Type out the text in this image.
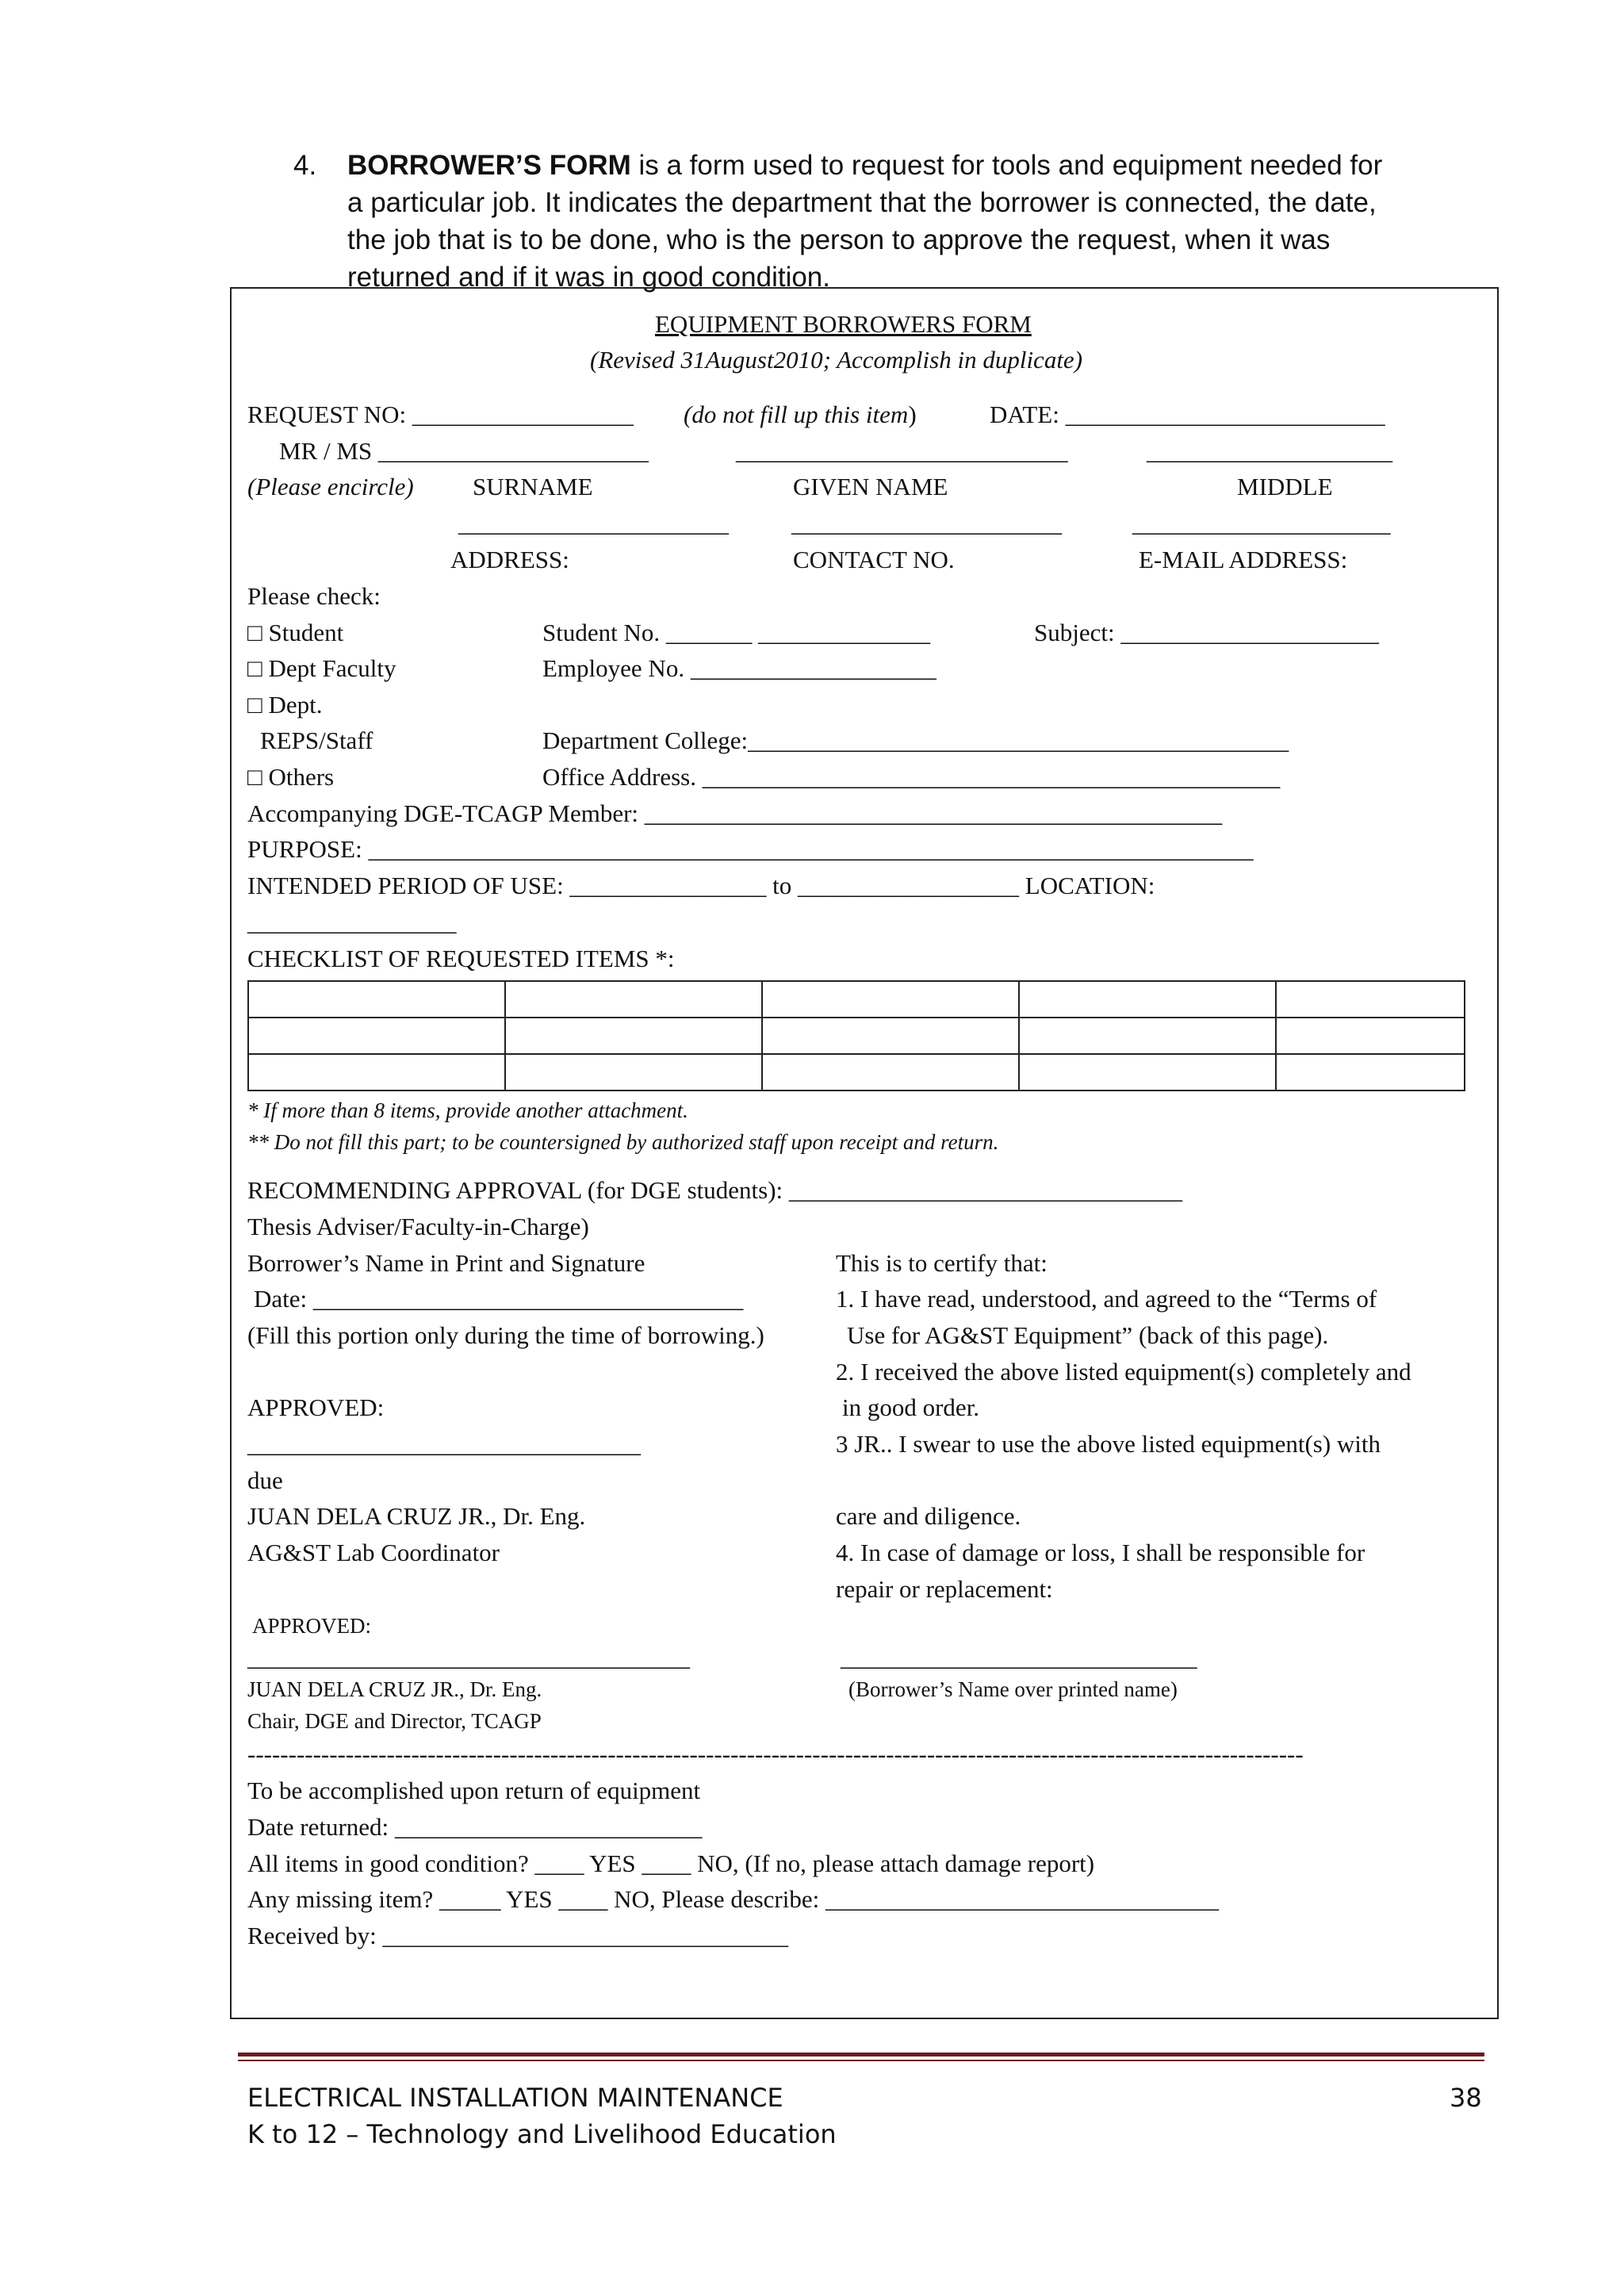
4. BORROWER’S FORM is a form used to request for tools and equipment needed for
a particular job. It indicates the department that the borrower is connected, the date,
the job that is to be done, who is the person to approve the request, when it was
returned and if it was in good condition.
EQUIPMENT BORROWERS FORM
(Revised 31August2010; Accomplish in duplicate)
REQUEST NO: __________________ (do not fill up this item)	DATE: __________________________
MR / MS ______________________	___________________________	____________________
(Please encircle) SURNAME	GIVEN NAME	MIDDLE
______________________	______________________	_____________________
ADDRESS:	CONTACT NO.	E-MAIL ADDRESS:
Please check:
□ Student	Student No. _______ ______________	Subject: _____________________
□ Dept Faculty	Employee No. ____________________
□ Dept.
REPS/Staff	Department College:____________________________________________
□ Others	Office Address. _______________________________________________
Accompanying DGE-TCAGP Member: _______________________________________________
PURPOSE: ________________________________________________________________________
INTENDED PERIOD OF USE: ________________ to __________________ LOCATION:
_________________
CHECKLIST OF REQUESTED ITEMS *:

* If more than 8 items, provide another attachment.
** Do not fill this part; to be countersigned by authorized staff upon receipt and return.
RECOMMENDING APPROVAL (for DGE students): ________________________________
Thesis Adviser/Faculty-in-Charge)
Borrower’s Name in Print and Signature
Date: ___________________________________
(Fill this portion only during the time of borrowing.)
APPROVED:
________________________________
due
JUAN DELA CRUZ JR., Dr. Eng.
AG&ST Lab Coordinator
This is to certify that:
1. I have read, understood, and agreed to the “Terms of
Use for AG&ST Equipment” (back of this page).
2. I received the above listed equipment(s) completely and
in good order.
3 JR.. I swear to use the above listed equipment(s) with
care and diligence.
4. In case of damage or loss, I shall be responsible for
repair or replacement:
APPROVED:
____________________________________	_____________________________
JUAN DELA CRUZ JR., Dr. Eng.	(Borrower’s Name over printed name)
Chair, DGE and Director, TCAGP
---------------------------------------------------------------------------------------------------------------------------------
To be accomplished upon return of equipment
Date returned: _________________________
All items in good condition? ____ YES ____ NO, (If no, please attach damage report)
Any missing item? _____ YES ____ NO, Please describe: ________________________________
Received by: _________________________________
ELECTRICAL INSTALLATION MAINTENANCE	38
K to 12 – Technology and Livelihood Education
